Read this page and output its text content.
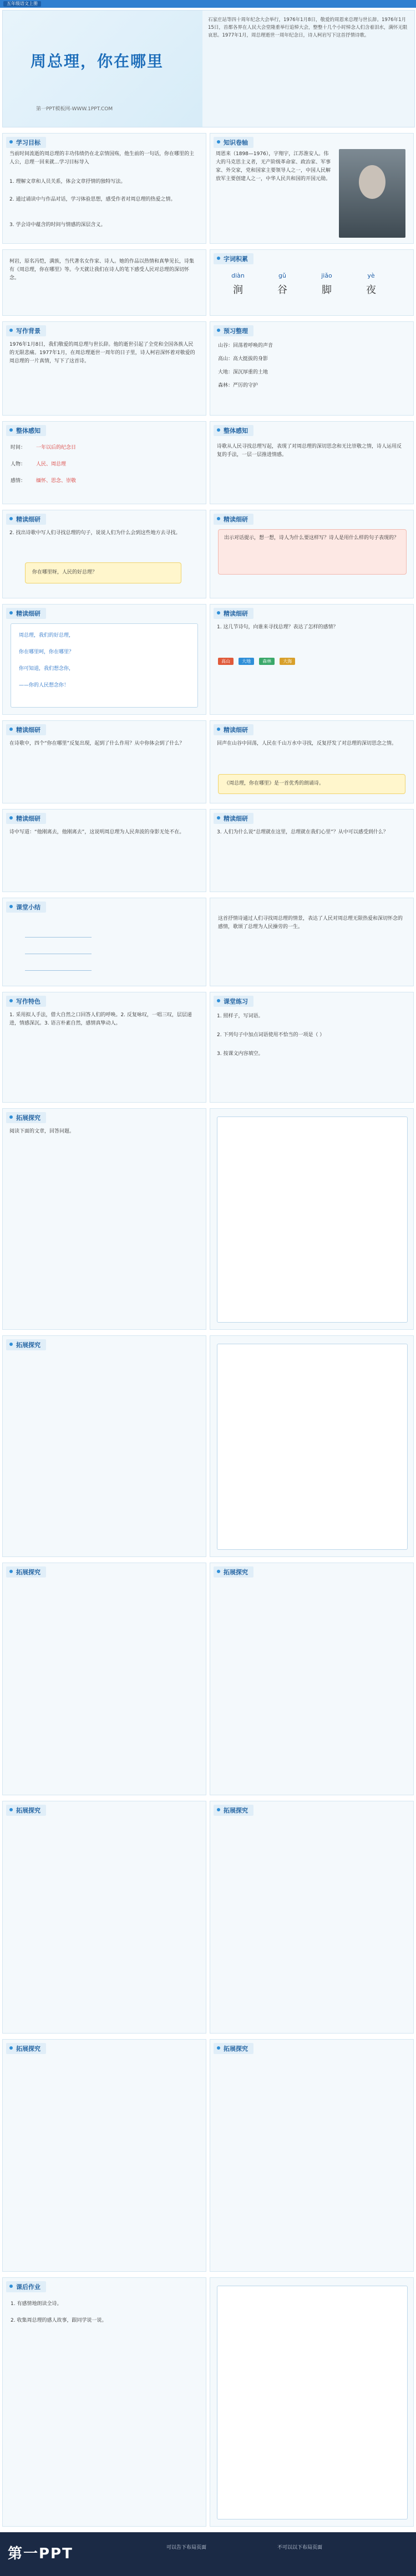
五年级语文上册
周总理，你在哪里
第一PPT模板网-WWW.1PPT.COM
石家庄站等四十周年纪念大会举行，1976年1月8日，敬爱的周恩来总理与世长辞。1976年1月15日，首都各界在人民大会堂隆重举行追悼大会，整整十几个小时悼念人们含着泪水，满怀无限哀思。1977年1月，周总理逝世一周年纪念日，诗人柯岩写下这首抒情诗歌。
学习目标
当前时间流逝的周总理的丰功伟绩仍在北京情国殇，他生前的一句话，你在哪里的主人公，总理一回来就...学习目标导入
1. 理解文章和人员关系，体会文章抒情的独特写法。
2. 通过诵读中与作品对话，学习体验思想，感受作者对周总理的热爱之情。
3. 学会诗中蕴含的时间与情感的深层含义。
知识卷轴
周恩来（1898—1976），字翔宇，江苏淮安人。伟大的马克思主义者，无产阶级革命家、政治家、军事家、外交家，党和国家主要领导人之一，中国人民解放军主要创建人之一，中华人民共和国的开国元勋。
柯岩，原名冯恺，满族，当代著名女作家、诗人。她的作品以热情和真挚见长，诗集有《周总理，你在哪里》等。今天就让我们在诗人的笔下感受人民对总理的深切怀念。
字词积累
diàn	gǔ	jiǎo	yè
涧	谷	脚	夜
写作背景
1976年1月8日，我们敬爱的周总理与世长辞。他的逝世引起了全党和全国各族人民的无限悲痛。1977年1月，在周总理逝世一周年的日子里，诗人柯岩深怀着对敬爱的周总理的一片真情，写下了这首诗。
预习整理
山谷：回荡着呼唤的声音
高山：高大挺拔的身影
大地：深沉厚重的土地
森林：严厉的守护
整体感知
时间： 一年以后的纪念日
人物： 人民、周总理
感情： 缅怀、思念、崇敬
整体感知
诗歌从人民寻找总理写起，表现了对周总理的深切思念和无比崇敬之情，诗人运用反复的手法，一层一层推进情感。
精读细研
2. 找出诗歌中写人们寻找总理的句子，说说人们为什么会到这些地方去寻找。
你在哪里呀，人民的好总理？
精读细研
出示对话提示，想一想，诗人为什么要这样写？诗人是用什么样的句子表现的？
精读细研
周总理，我们的好总理，
你在哪里呵，你在哪里？
你可知道，我们想念你，
——你的人民想念你！
精读细研
1. 这几节诗句，向谁来寻找总理？表达了怎样的感情？
高山	大地	森林	大海
精读细研
在诗歌中，四个“你在哪里”反复出现，起到了什么作用？从中你体会到了什么？
精读细研
回声在山谷中回荡，人民在千山万水中寻找，反复抒发了对总理的深切思念之情。
《周总理，你在哪里》是一首优秀的朗诵诗。
精读细研
诗中写道：“他刚离去，他刚离去”，这说明周总理为人民奔波的身影无处不在。
精读细研
3. 人们为什么说“总理就在这里，总理就在我们心里”？从中可以感受到什么？
课堂小结
这首抒情诗通过人们寻找周总理的情景，表达了人民对周总理无限热爱和深切怀念的感情，歌颂了总理为人民操劳的一生。
写作特色
1. 采用拟人手法，借大自然之口回答人们的呼唤。2. 反复咏叹，一唱三叹，层层递进，情感深沉。3. 语言朴素自然，感情真挚动人。
课堂练习
1. 照样子，写词语。
2. 下列句子中加点词语使用不恰当的一项是（ ）
3. 按课文内容填空。
拓展探究
阅读下面的文章，回答问题。
拓展探究
拓展探究	拓展探究
拓展探究	拓展探究
拓展探究	拓展探究
课后作业
1. 有感情地朗读全诗。
2. 收集周总理的感人故事，跟同学说一说。
第一PPT	可以告下布局页面	不可以以下布局页面
